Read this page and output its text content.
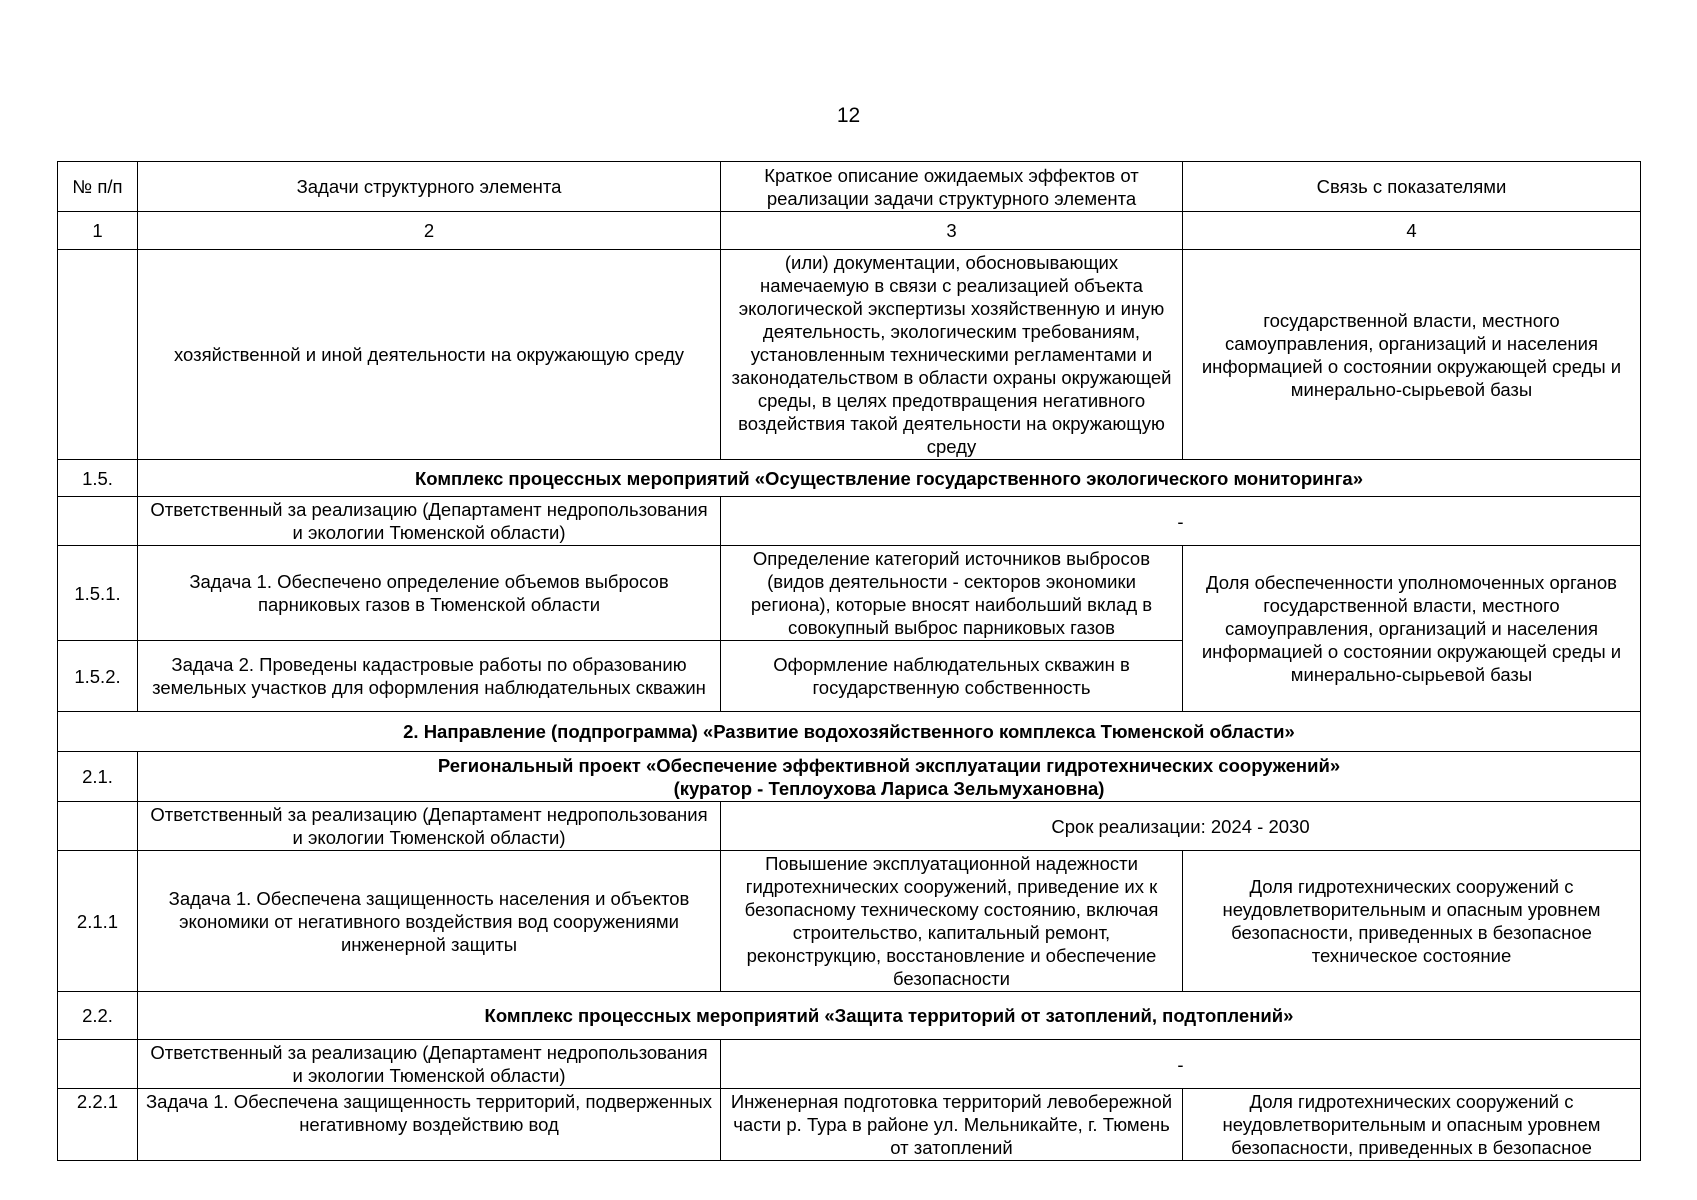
12
№ п/п	Задачи структурного элемента	Краткое описание ожидаемых эффектов от реализации задачи структурного элемента	Связь с показателями
1	2	3	4
	хозяйственной и иной деятельности на окружающую среду	(или) документации, обосновывающих намечаемую в связи с реализацией объекта экологической экспертизы хозяйственную и иную деятельность, экологическим требованиям, установленным техническими регламентами и законодательством в области охраны окружающей среды, в целях предотвращения негативного воздействия такой деятельности на окружающую среду	государственной власти, местного самоуправления, организаций и населения информацией о состоянии окружающей среды и минерально-сырьевой базы
1.5.	Комплекс процессных мероприятий «Осуществление государственного экологического мониторинга»		
	Ответственный за реализацию (Департамент недропользования и экологии Тюменской области)	-	
1.5.1.	Задача 1. Обеспечено определение объемов выбросов парниковых газов в Тюменской области	Определение категорий источников выбросов (видов деятельности - секторов экономики региона), которые вносят наибольший вклад в совокупный выброс парниковых газов	Доля обеспеченности уполномоченных органов государственной власти, местного самоуправления, организаций и населения информацией о состоянии окружающей среды и минерально-сырьевой базы
1.5.2.	Задача 2. Проведены кадастровые работы по образованию земельных участков для оформления наблюдательных скважин	Оформление наблюдательных скважин в государственную собственность	
2. Направление (подпрограмма) «Развитие водохозяйственного комплекса Тюменской области»			
2.1.	Региональный проект «Обеспечение эффективной эксплуатации гидротехнических сооружений»
(куратор - Теплоухова Лариса Зельмухановна)		

	Ответственный за реализацию (Департамент недропользования и экологии Тюменской области)	Срок реализации: 2024 - 2030	
2.1.1	Задача 1. Обеспечена защищенность населения и объектов экономики от негативного воздействия вод сооружениями инженерной защиты	Повышение эксплуатационной надежности гидротехнических сооружений, приведение их к безопасному техническому состоянию, включая строительство, капитальный ремонт, реконструкцию, восстановление и обеспечение безопасности	Доля гидротехнических сооружений с неудовлетворительным и опасным уровнем безопасности, приведенных в безопасное техническое состояние
2.2.	Комплекс процессных мероприятий «Защита территорий от затоплений, подтоплений»		
	Ответственный за реализацию (Департамент недропользования и экологии Тюменской области)	-	
2.2.1	Задача 1. Обеспечена защищенность территорий, подверженных негативному воздействию вод	Инженерная подготовка территорий левобережной части р. Тура в районе ул. Мельникайте, г. Тюмень от затоплений	Доля гидротехнических сооружений с неудовлетворительным и опасным уровнем безопасности, приведенных в безопасное
